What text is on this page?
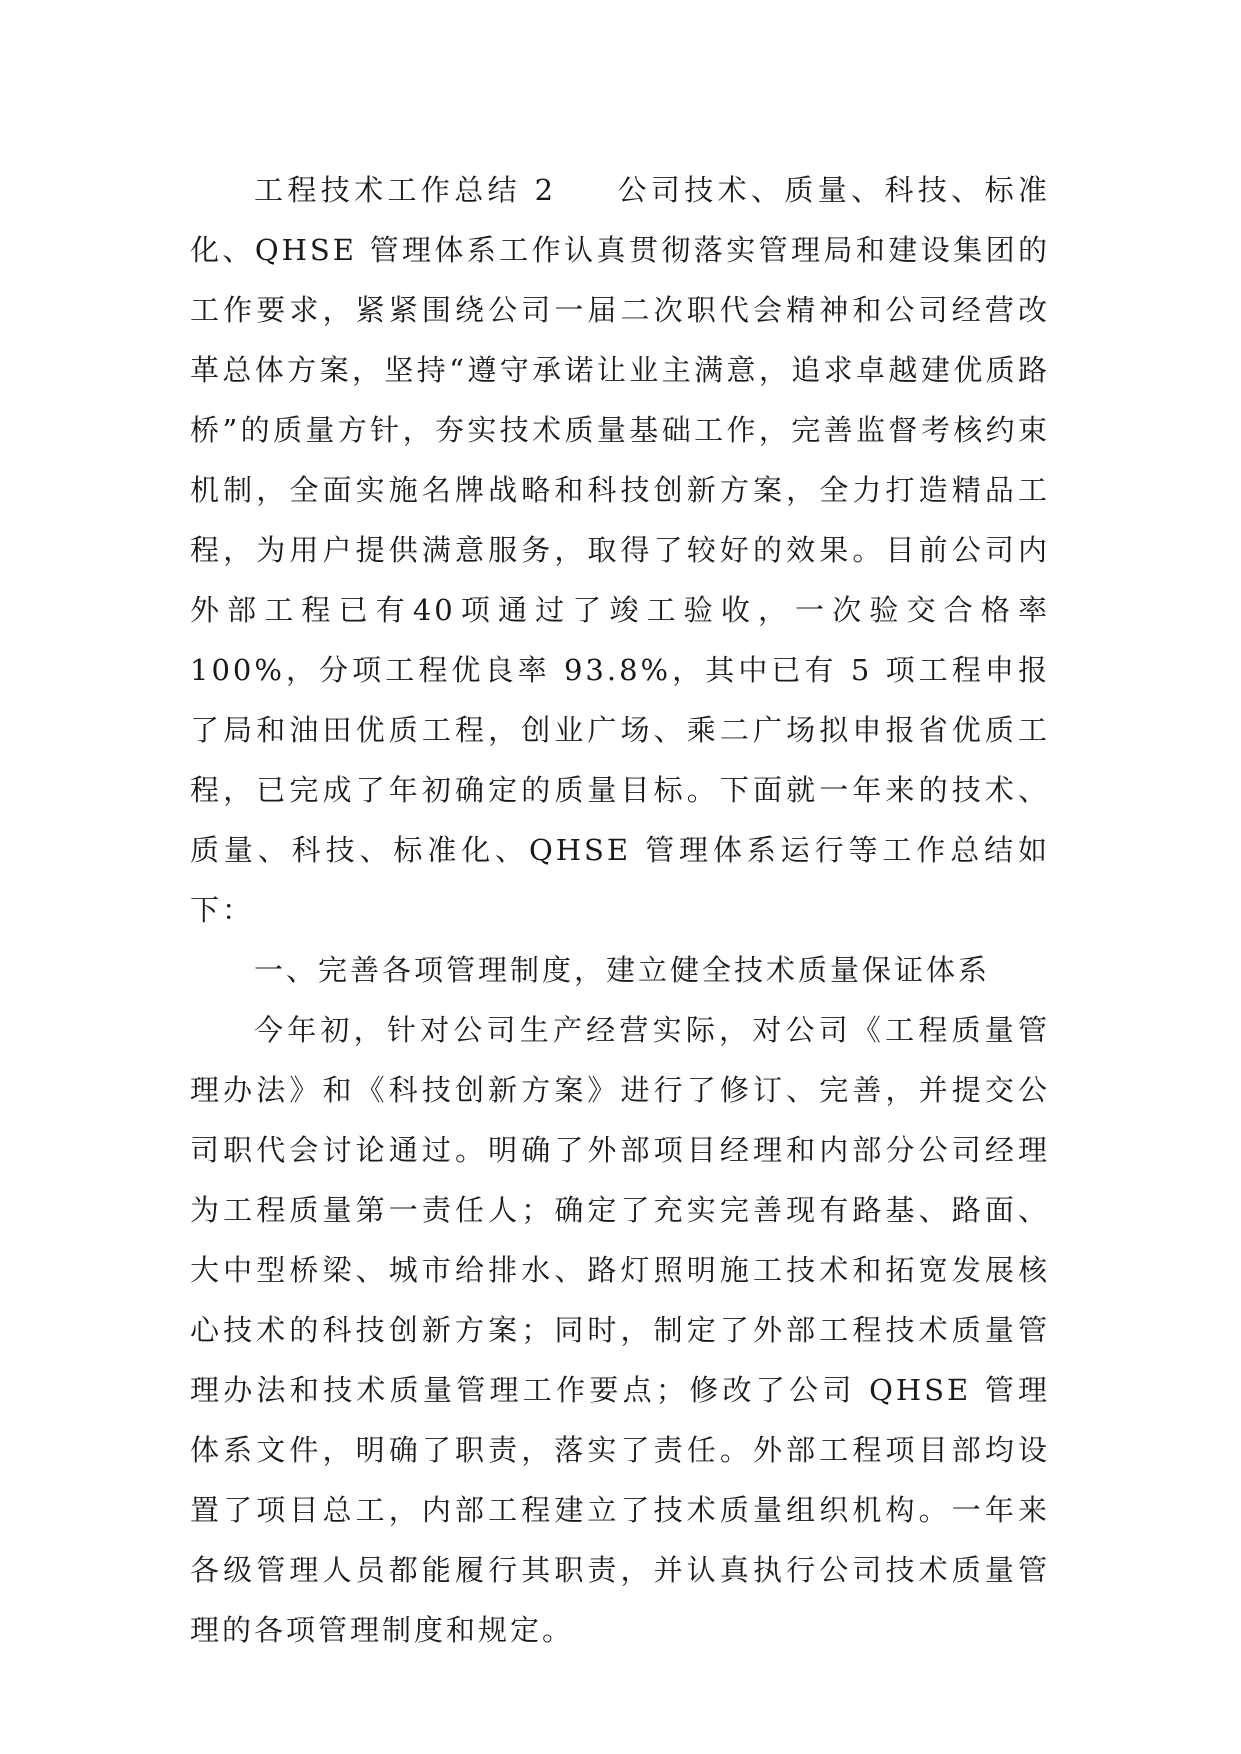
工程技术工作总结 2 公司技术、质量、科技、标准化、QHSE 管理体系工作认真贯彻落实管理局和建设集团的工作要求，紧紧围绕公司一届二次职代会精神和公司经营改革总体方案，坚持“遵守承诺让业主满意，追求卓越建优质路桥”的质量方针，夯实技术质量基础工作，完善监督考核约束机制，全面实施名牌战略和科技创新方案，全力打造精品工程，为用户提供满意服务，取得了较好的效果。目前公司内外部工程已有40项通过了竣工验收，一次验交合格率100%，分项工程优良率 93.8%，其中已有 5 项工程申报了局和油田优质工程，创业广场、乘二广场拟申报省优质工程，已完成了年初确定的质量目标。下面就一年来的技术、质量、科技、标准化、QHSE 管理体系运行等工作总结如下：

一、完善各项管理制度，建立健全技术质量保证体系

今年初，针对公司生产经营实际，对公司《工程质量管理办法》和《科技创新方案》进行了修订、完善，并提交公司职代会讨论通过。明确了外部项目经理和内部分公司经理为工程质量第一责任人；确定了充实完善现有路基、路面、大中型桥梁、城市给排水、路灯照明施工技术和拓宽发展核心技术的科技创新方案；同时，制定了外部工程技术质量管理办法和技术质量管理工作要点；修改了公司 QHSE 管理体系文件，明确了职责，落实了责任。外部工程项目部均设置了项目总工，内部工程建立了技术质量组织机构。一年来各级管理人员都能履行其职责，并认真执行公司技术质量管理的各项管理制度和规定。
